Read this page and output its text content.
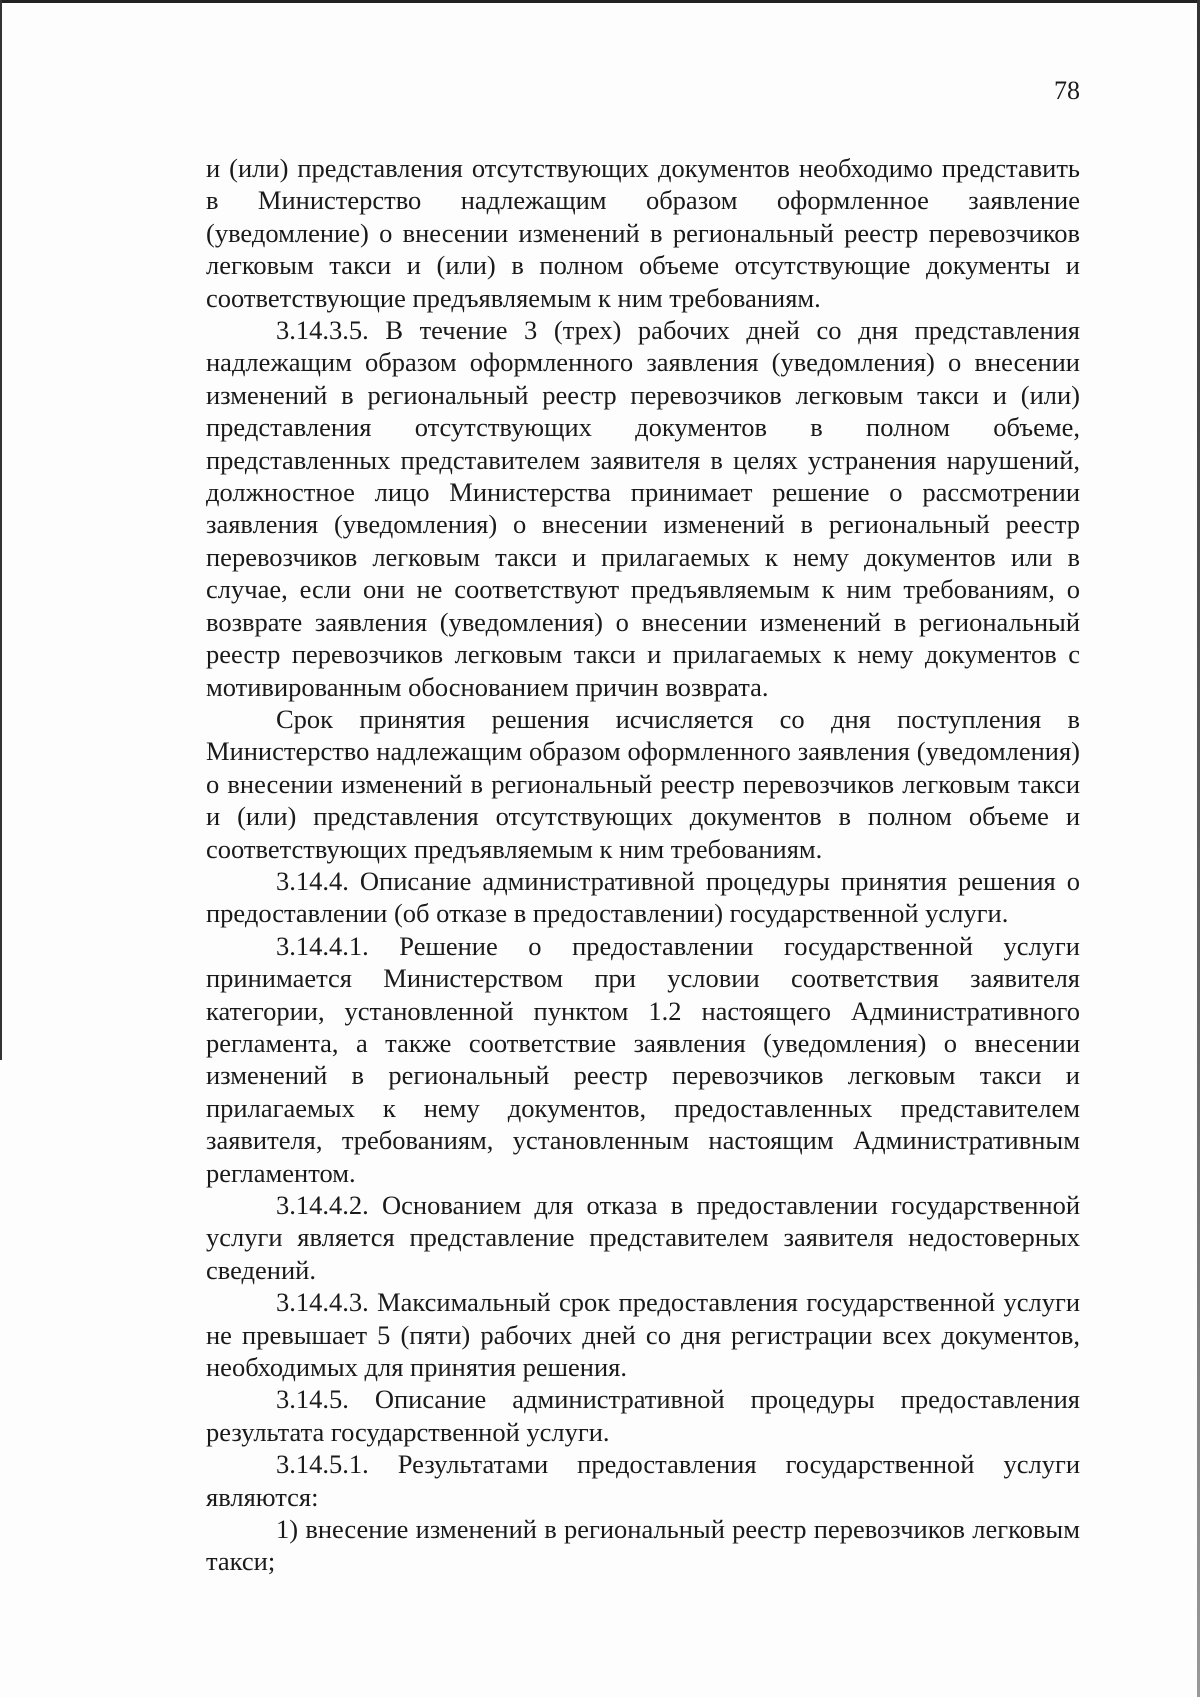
78

и (или) представления отсутствующих документов необходимо представить в Министерство надлежащим образом оформленное заявление (уведомление) о внесении изменений в региональный реестр перевозчиков легковым такси и (или) в полном объеме отсутствующие документы и соответствующие предъявляемым к ним требованиям.

3.14.3.5. В течение 3 (трех) рабочих дней со дня представления надлежащим образом оформленного заявления (уведомления) о внесении изменений в региональный реестр перевозчиков легковым такси и (или) представления отсутствующих документов в полном объеме, представленных представителем заявителя в целях устранения нарушений, должностное лицо Министерства принимает решение о рассмотрении заявления (уведомления) о внесении изменений в региональный реестр перевозчиков легковым такси и прилагаемых к нему документов или в случае, если они не соответствуют предъявляемым к ним требованиям, о возврате заявления (уведомления) о внесении изменений в региональный реестр перевозчиков легковым такси и прилагаемых к нему документов с мотивированным обоснованием причин возврата.

Срок принятия решения исчисляется со дня поступления в Министерство надлежащим образом оформленного заявления (уведомления) о внесении изменений в региональный реестр перевозчиков легковым такси и (или) представления отсутствующих документов в полном объеме и соответствующих предъявляемым к ним требованиям.

3.14.4. Описание административной процедуры принятия решения о предоставлении (об отказе в предоставлении) государственной услуги.

3.14.4.1. Решение о предоставлении государственной услуги принимается Министерством при условии соответствия заявителя категории, установленной пунктом 1.2 настоящего Административного регламента, а также соответствие заявления (уведомления) о внесении изменений в региональный реестр перевозчиков легковым такси и прилагаемых к нему документов, предоставленных представителем заявителя, требованиям, установленным настоящим Административным регламентом.

3.14.4.2. Основанием для отказа в предоставлении государственной услуги является представление представителем заявителя недостоверных сведений.

3.14.4.3. Максимальный срок предоставления государственной услуги не превышает 5 (пяти) рабочих дней со дня регистрации всех документов, необходимых для принятия решения.

3.14.5. Описание административной процедуры предоставления результата государственной услуги.

3.14.5.1. Результатами предоставления государственной услуги являются:

1) внесение изменений в региональный реестр перевозчиков легковым такси;
